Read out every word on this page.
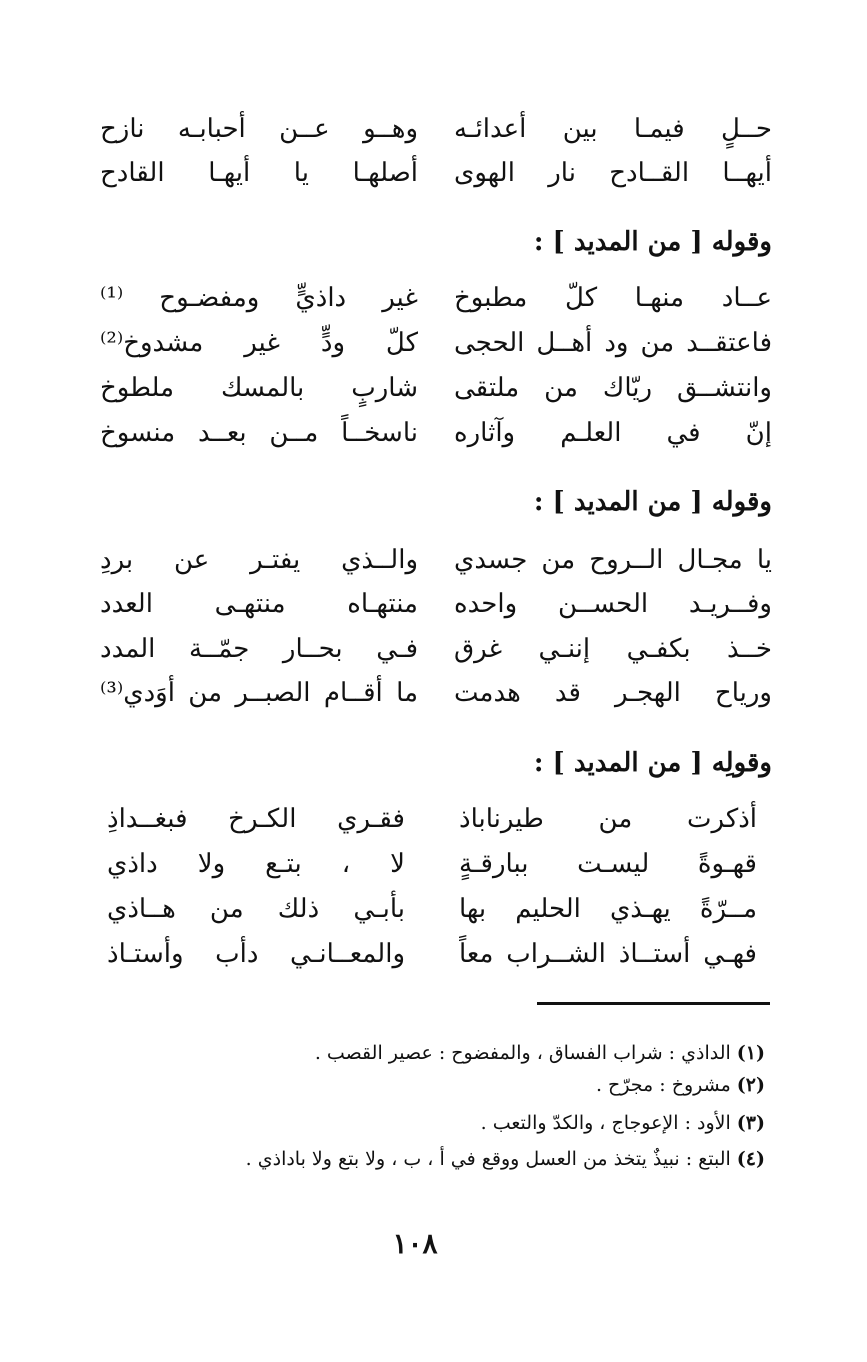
حــلٍ فيمـا بين أعدائـه
وهــو عــن أحبابـه نازح
أيهــا القــادح نار الهوى
أصلهـا يا أيهـا القادح
وقوله [ من المديد ] :
عــاد منهـا كلّ مطبوخ
غير داذيٍّ ومفضـوح ⁽¹⁾
فاعتقــد من ود أهــل الحجى
كلّ ودٍّ غير مشدوخ⁽²⁾
وانتشــق ريّاك من ملتقى
شاربٍ بالمسك ملطوخ
إنّ في العلـم وآثاره
ناسخــاً مــن بعــد منسوخ
وقوله [ من المديد ] :
يا مجـال الــروح من جسدي
والــذي يفتـر عن بردِ
وفــريـد الحســن واحده
منتهـاه منتهـى العدد
خــذ بكفـي إننـي غرق
فـي بحــار جمّــة المدد
ورياح الهجـر قد هدمت
ما أقــام الصبــر من أوَدي⁽³⁾
وقولِه [ من المديد ] :
أذكرت من طيرناباذ
فقـري الكـرخ فبغــداذِ
قهـوةً ليسـت ببارقـةٍ
لا ، بتـع ولا داذي
مــرّةً يهـذي الحليم بها
بأبـي ذلك من هــاذي
فهـي أستــاذ الشــراب معاً
والمعــانـي دأب وأستـاذ
(١)الداذي : شراب الفساق ، والمفضوح : عصير القصب .
(٢)مشروخ : مجرّح .
(٣)الأود : الإعوجاج ، والكدّ والتعب .
(٤)البتع : نبيذٌ يتخذ من العسل ووقع في أ ، ب ، ولا بتع ولا باداذي .
١٠٨
